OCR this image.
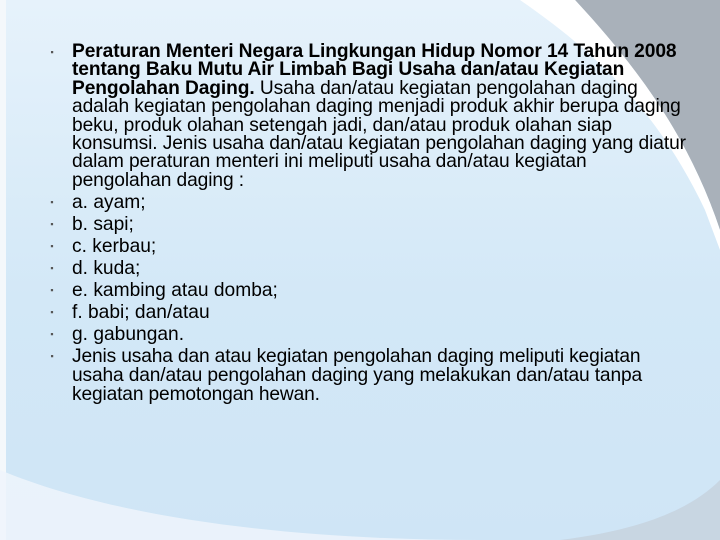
▪ Peraturan Menteri Negara Lingkungan Hidup Nomor 14 Tahun 2008 tentang Baku Mutu Air Limbah Bagi Usaha dan/atau Kegiatan Pengolahan Daging. Usaha dan/atau kegiatan pengolahan daging adalah kegiatan pengolahan daging menjadi produk akhir berupa daging beku, produk olahan setengah jadi, dan/atau produk olahan siap konsumsi. Jenis usaha dan/atau kegiatan pengolahan daging yang diatur dalam peraturan menteri ini meliputi usaha dan/atau kegiatan pengolahan daging :
▪ a. ayam;
▪ b. sapi;
▪ c. kerbau;
▪ d. kuda;
▪ e. kambing atau domba;
▪ f. babi; dan/atau
▪ g. gabungan.
▪ Jenis usaha dan atau kegiatan pengolahan daging meliputi kegiatan usaha dan/atau pengolahan daging yang melakukan dan/atau tanpa kegiatan pemotongan hewan.
